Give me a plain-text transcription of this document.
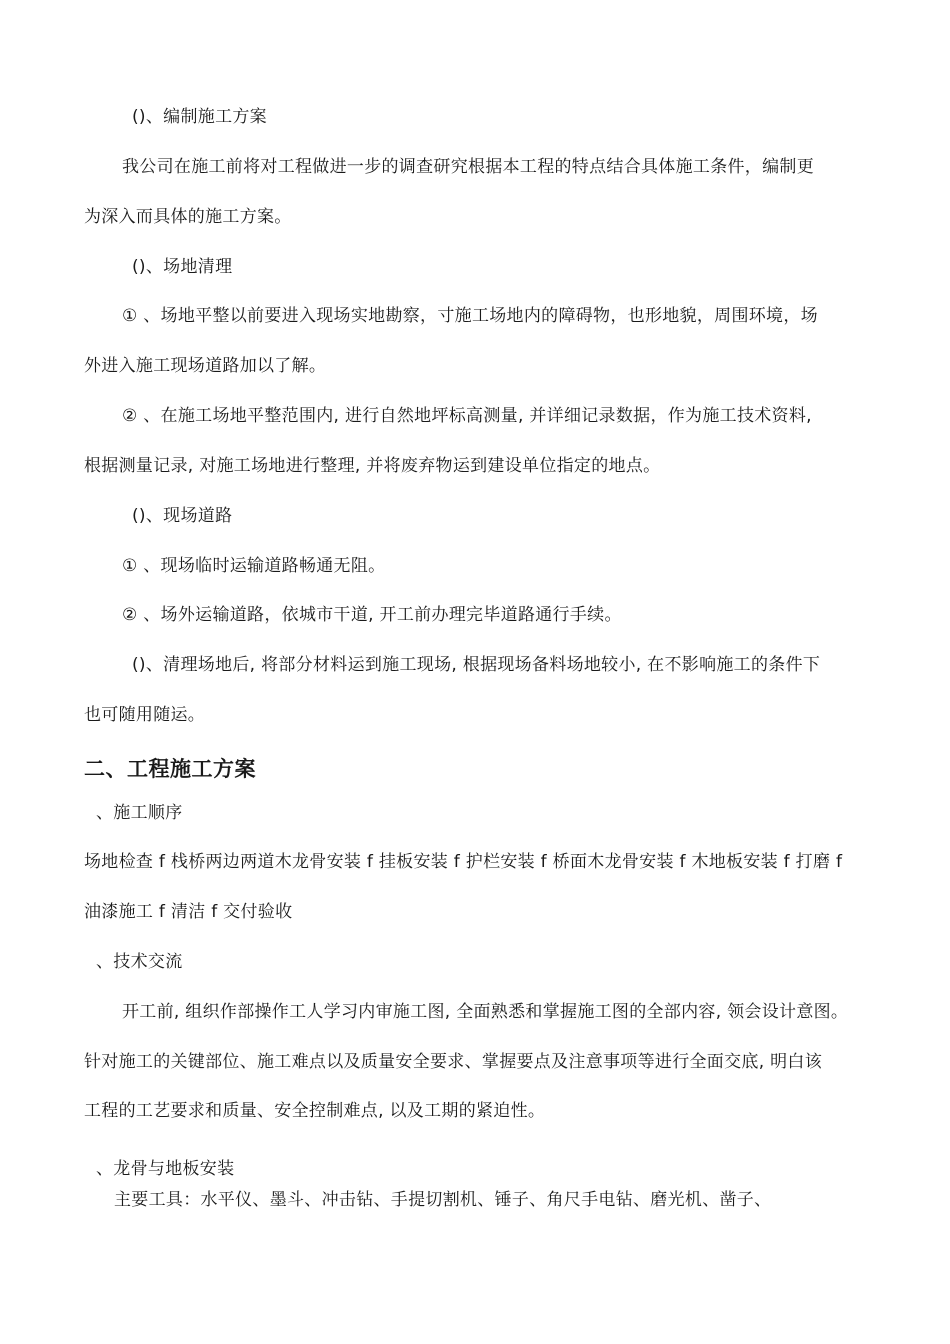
()、编制施工方案
我公司在施工前将对工程做进一步的调查研究根据本工程的特点结合具体施工条件，编制更
为深入而具体的施工方案。
()、场地清理
① 、场地平整以前要进入现场实地勘察，寸施工场地内的障碍物，也形地貌，周围环境，场
外进入施工现场道路加以了解。
② 、在施工场地平整范围内, 进行自然地坪标高测量, 并详细记录数据，作为施工技术资料,
根据测量记录, 对施工场地进行整理, 并将废弃物运到建设单位指定的地点。
()、现场道路
① 、现场临时运输道路畅通无阻。
② 、场外运输道路，依城市干道, 开工前办理完毕道路通行手续。
()、清理场地后, 将部分材料运到施工现场, 根据现场备料场地较小, 在不影响施工的条件下
也可随用随运。
二、工程施工方案
、施工顺序
场地检查 f 栈桥两边两道木龙骨安装 f 挂板安装 f 护栏安装 f 桥面木龙骨安装 f 木地板安装 f 打磨 f
油漆施工 f 清洁 f 交付验收
、技术交流
开工前, 组织作部操作工人学习内审施工图, 全面熟悉和掌握施工图的全部内容, 领会设计意图。
针对施工的关键部位、施工难点以及质量安全要求、掌握要点及注意事项等进行全面交底, 明白该
工程的工艺要求和质量、安全控制难点, 以及工期的紧迫性。
、龙骨与地板安装
主要工具：水平仪、墨斗、冲击钻、手提切割机、锤子、角尺手电钻、磨光机、凿子、
